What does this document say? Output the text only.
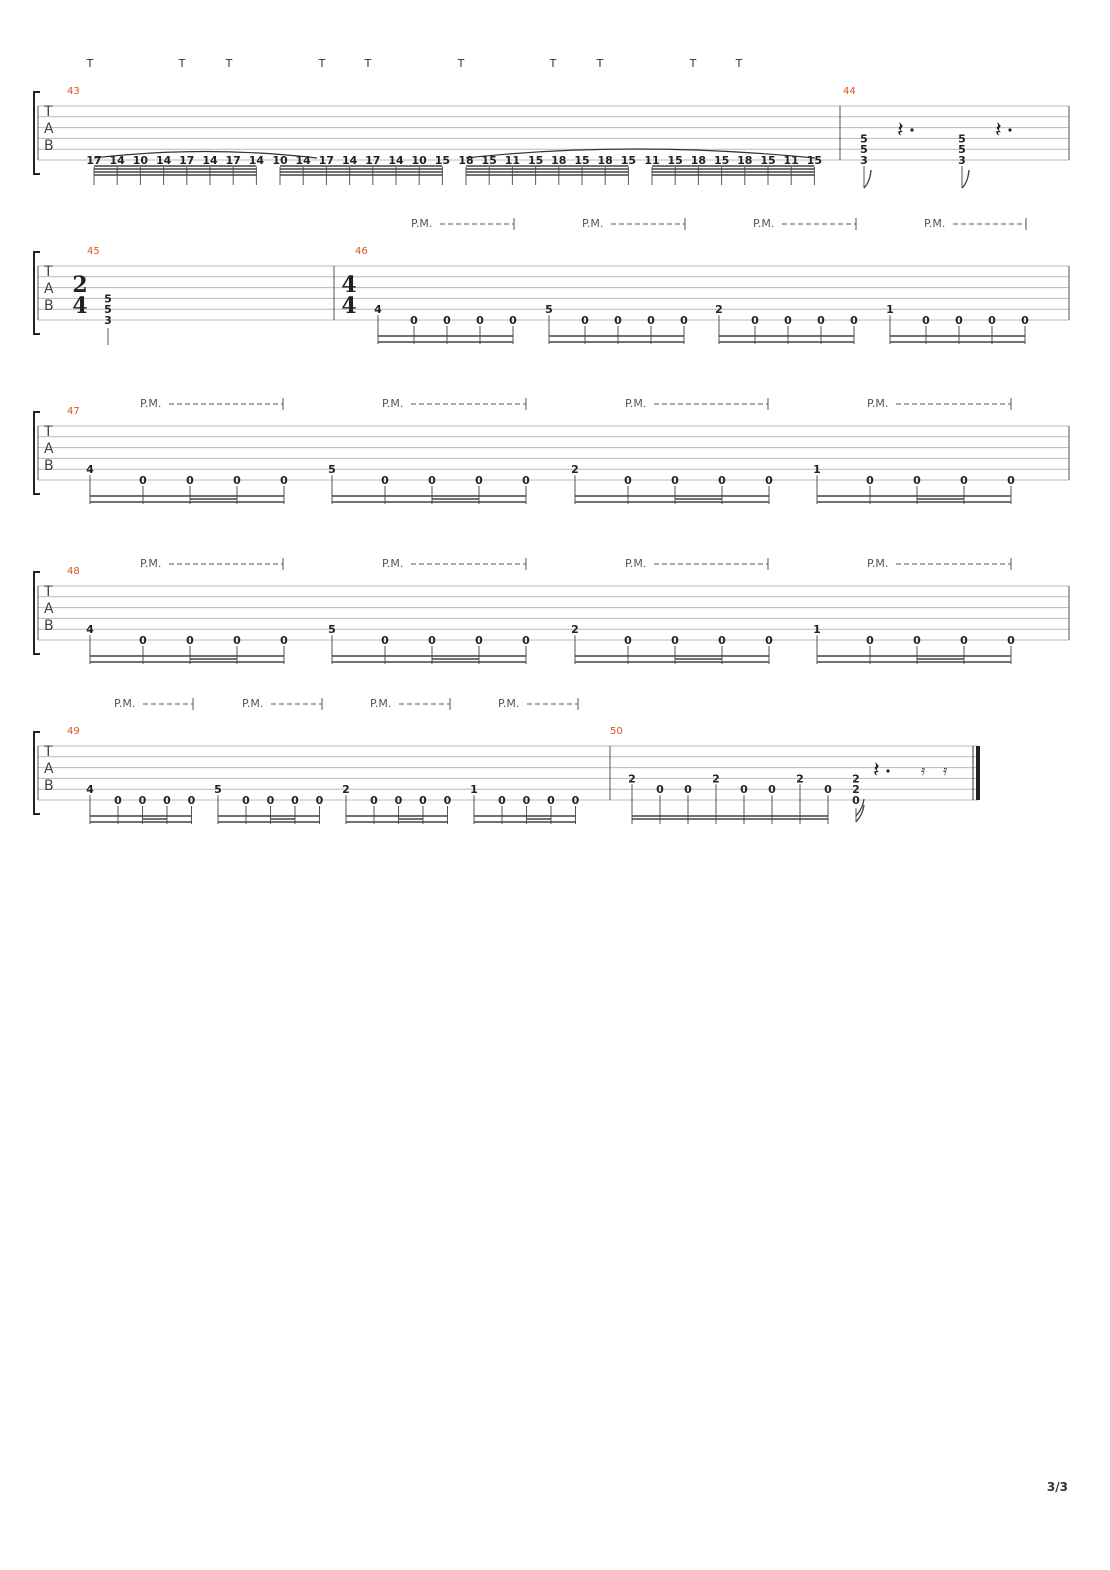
T
A
B
43	44
T	T	T	T	T	T	T	T	T	T
17 14 10 14 17 14 17 14 10 14 17 14 17 14 10 15 18 15 11 15 18 15 18 15 11 15 18 15 18 15 11 15
5
5
3
5
5
3
𝄽	𝄽
T
A
B
45	46
2
4
4
4
5
5
3
4
0 0 0 0
5
0 0 0 0
2
0 0 0 0
1
0 0 0 0
P.M.	P.M.	P.M.	P.M.
T
A
B
47
4
0	0	0	0
5
0	0	0	0
2
0	0	0	0
1
0	0	0	0
P.M.	P.M.	P.M.	P.M.
T
A
B
48
4
0	0	0	0
5
0	0	0	0
2
0	0	0	0
1
0	0	0	0
P.M.	P.M.	P.M.	P.M.
T
A
B
49	50
4
0 0 0 0
5
0 0 0 0
2
0 0 0 0
1
0 0 0 0
P.M.	P.M.	P.M.	P.M.
2
0 0
2
0 0
2
0
2
2
0
𝄽	𝄿 𝄿
3/3
